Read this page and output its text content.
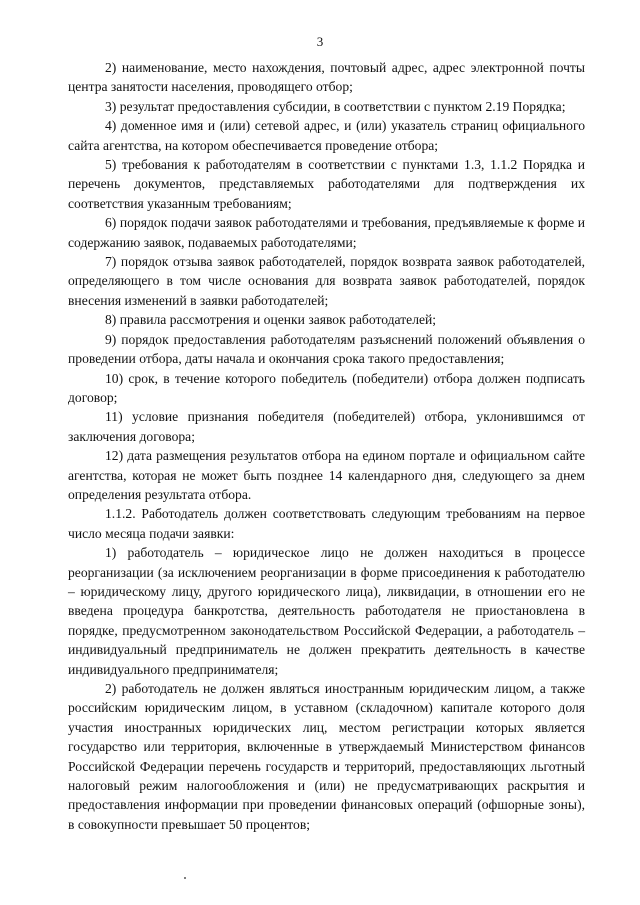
3

2) наименование, место нахождения, почтовый адрес, адрес электронной почты центра занятости населения, проводящего отбор;

3) результат предоставления субсидии, в соответствии с пунктом 2.19 Порядка;

4) доменное имя и (или) сетевой адрес, и (или) указатель страниц официального сайта агентства, на котором обеспечивается проведение отбора;

5) требования к работодателям в соответствии с пунктами 1.3, 1.1.2 Порядка и перечень документов, представляемых работодателями для подтверждения их соответствия указанным требованиям;

6) порядок подачи заявок работодателями и требования, предъявляемые к форме и содержанию заявок, подаваемых работодателями;

7) порядок отзыва заявок работодателей, порядок возврата заявок работодателей, определяющего в том числе основания для возврата заявок работодателей, порядок внесения изменений в заявки работодателей;

8) правила рассмотрения и оценки заявок работодателей;

9) порядок предоставления работодателям разъяснений положений объявления о проведении отбора, даты начала и окончания срока такого предоставления;

10) срок, в течение которого победитель (победители) отбора должен подписать договор;

11) условие признания победителя (победителей) отбора, уклонившимся от заключения договора;

12) дата размещения результатов отбора на едином портале и официальном сайте агентства, которая не может быть позднее 14 календарного дня, следующего за днем определения результата отбора.

1.1.2. Работодатель должен соответствовать следующим требованиям на первое число месяца подачи заявки:

1) работодатель – юридическое лицо не должен находиться в процессе реорганизации (за исключением реорганизации в форме присоединения к работодателю – юридическому лицу, другого юридического лица), ликвидации, в отношении его не введена процедура банкротства, деятельность работодателя не приостановлена в порядке, предусмотренном законодательством Российской Федерации, а работодатель – индивидуальный предприниматель не должен прекратить деятельность в качестве индивидуального предпринимателя;

2) работодатель не должен являться иностранным юридическим лицом, а также российским юридическим лицом, в уставном (складочном) капитале которого доля участия иностранных юридических лиц, местом регистрации которых является государство или территория, включенные в утверждаемый Министерством финансов Российской Федерации перечень государств и территорий, предоставляющих льготный налоговый режим налогообложения и (или) не предусматривающих раскрытия и предоставления информации при проведении финансовых операций (офшорные зоны), в совокупности превышает 50 процентов;
